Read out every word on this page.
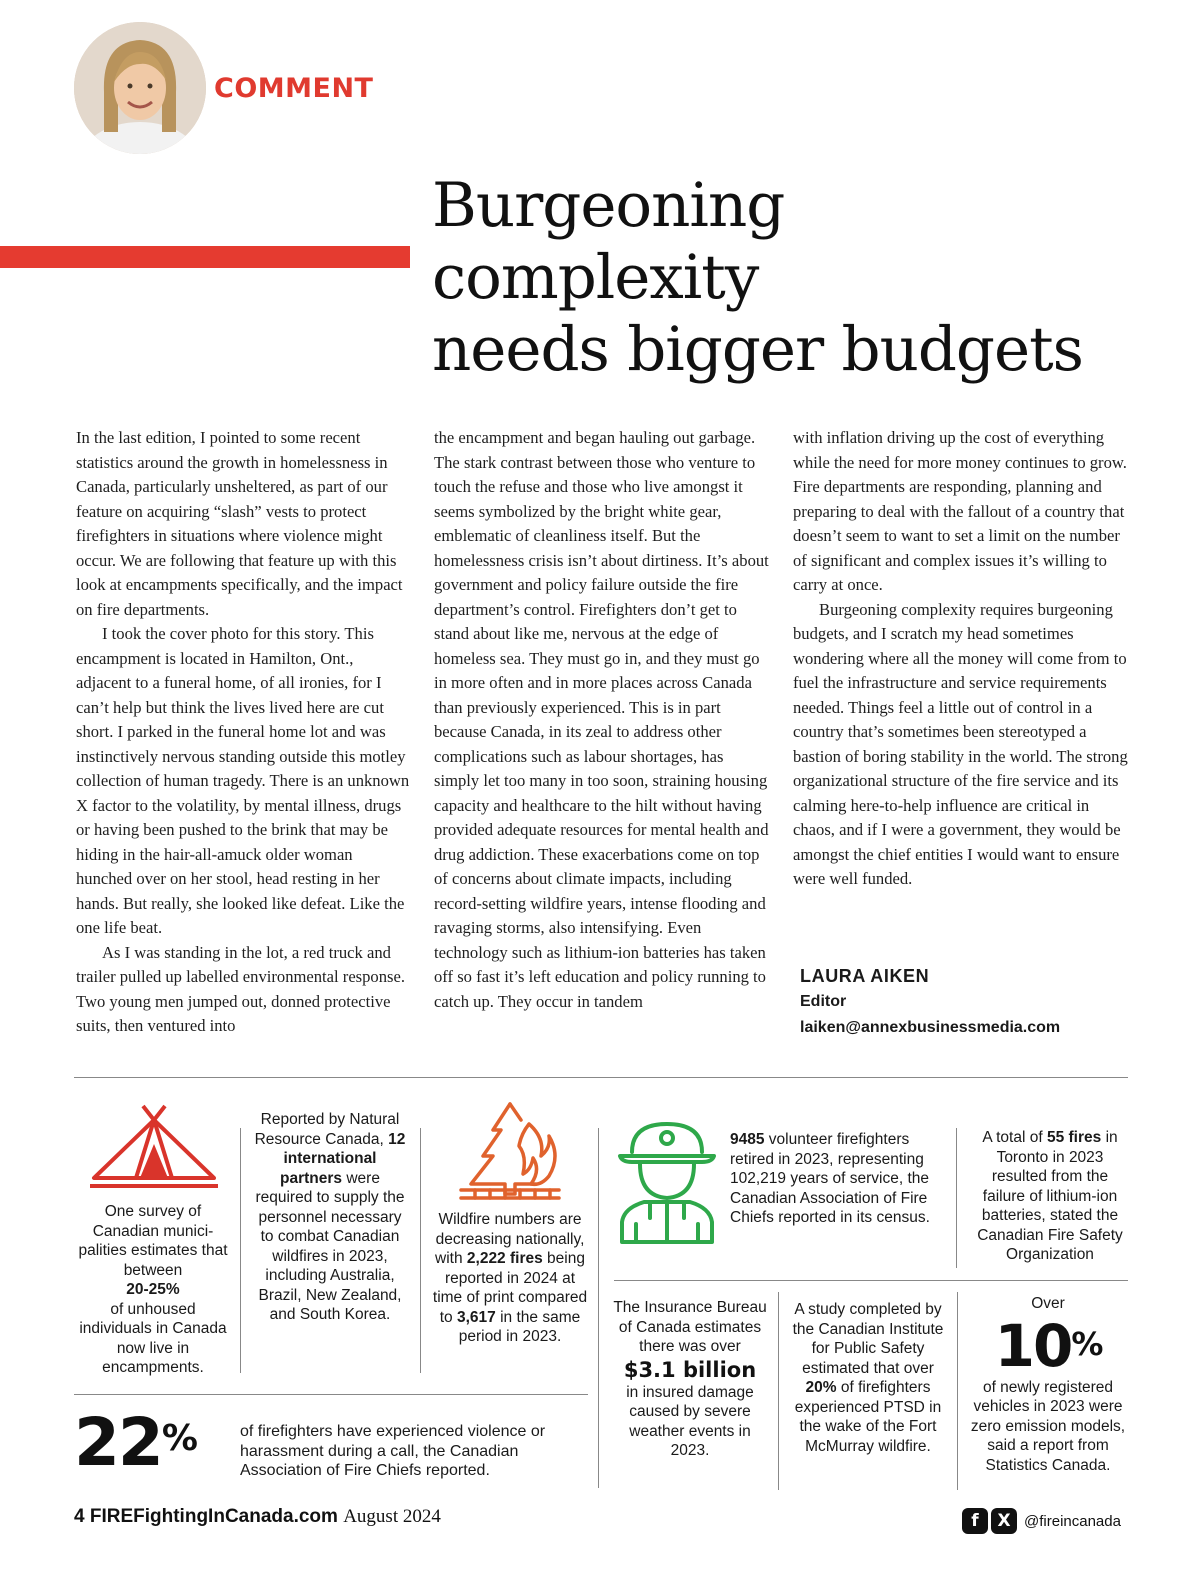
COMMENT
Burgeoning
complexity
needs bigger budgets

In the last edition, I pointed to some recent statistics around the growth in homelessness in Canada, particularly unsheltered, as part of our feature on acquiring “slash” vests to protect firefighters in situations where violence might occur. We are following that feature up with this look at encampments specifically, and the impact on fire departments.

I took the cover photo for this story. This encampment is located in Hamilton, Ont., adjacent to a funeral home, of all ironies, for I can’t help but think the lives lived here are cut short. I parked in the funeral home lot and was instinctively nervous standing outside this motley collection of human tragedy. There is an unknown X factor to the volatility, by mental illness, drugs or having been pushed to the brink that may be hiding in the hair-all-amuck older woman hunched over on her stool, head resting in her hands. But really, she looked like defeat. Like the one life beat.

As I was standing in the lot, a red truck and trailer pulled up labelled environmental response. Two young men jumped out, donned protective suits, then ventured into

the encampment and began hauling out garbage. The stark contrast between those who venture to touch the refuse and those who live amongst it seems symbolized by the bright white gear, emblematic of cleanliness itself. But the homelessness crisis isn’t about dirtiness. It’s about government and policy failure outside the fire department’s control. Firefighters don’t get to stand about like me, nervous at the edge of homeless sea. They must go in, and they must go in more often and in more places across Canada than previously experienced. This is in part because Canada, in its zeal to address other complications such as labour shortages, has simply let too many in too soon, straining housing capacity and healthcare to the hilt without having provided adequate resources for mental health and drug addiction. These exacerbations come on top of concerns about climate impacts, including record-setting wildfire years, intense flooding and ravaging storms, also intensifying. Even technology such as lithium-ion batteries has taken off so fast it’s left education and policy running to catch up. They occur in tandem

with inflation driving up the cost of everything while the need for more money continues to grow. Fire departments are responding, planning and preparing to deal with the fallout of a country that doesn’t seem to want to set a limit on the number of significant and complex issues it’s willing to carry at once.

Burgeoning complexity requires burgeoning budgets, and I scratch my head sometimes wondering where all the money will come from to fuel the infrastructure and service requirements needed. Things feel a little out of control in a country that’s sometimes been stereotyped a bastion of boring stability in the world. The strong organizational structure of the fire service and its calming here-to-help influence are critical in chaos, and if I were a government, they would be amongst the chief entities I would want to ensure were well funded.

LAURA AIKEN
Editor
laiken@annexbusinessmedia.com
One survey of Canadian munici-palities estimates that between
20-25%
of unhoused individuals in Canada now live in encampments.
Reported by Natural Resource Canada, 12 international partners were required to supply the personnel necessary to combat Canadian wildfires in 2023, including Australia, Brazil, New Zealand, and South Korea.
Wildfire numbers are decreasing nationally, with 2,222 fires being reported in 2024 at time of print compared to 3,617 in the same period in 2023.
9485 volunteer firefighters retired in 2023, representing 102,219 years of service, the Canadian Association of Fire Chiefs reported in its census.
A total of 55 fires in Toronto in 2023 resulted from the failure of lithium-ion batteries, stated the Canadian Fire Safety Organization
22%	of firefighters have experienced violence or harassment during a call, the Canadian Association of Fire Chiefs reported.
The Insurance Bureau of Canada estimates there was over
$3.1 billion
in insured damage caused by severe weather events in 2023.
A study completed by the Canadian Institute for Public Safety estimated that over 20% of firefighters experienced PTSD in the wake of the Fort McMurray wildfire.
Over
10%
of newly registered vehicles in 2023 were zero emission models, said a report from Statistics Canada.
4 FIREFightingInCanada.com August 2024	f X @fireincanada
